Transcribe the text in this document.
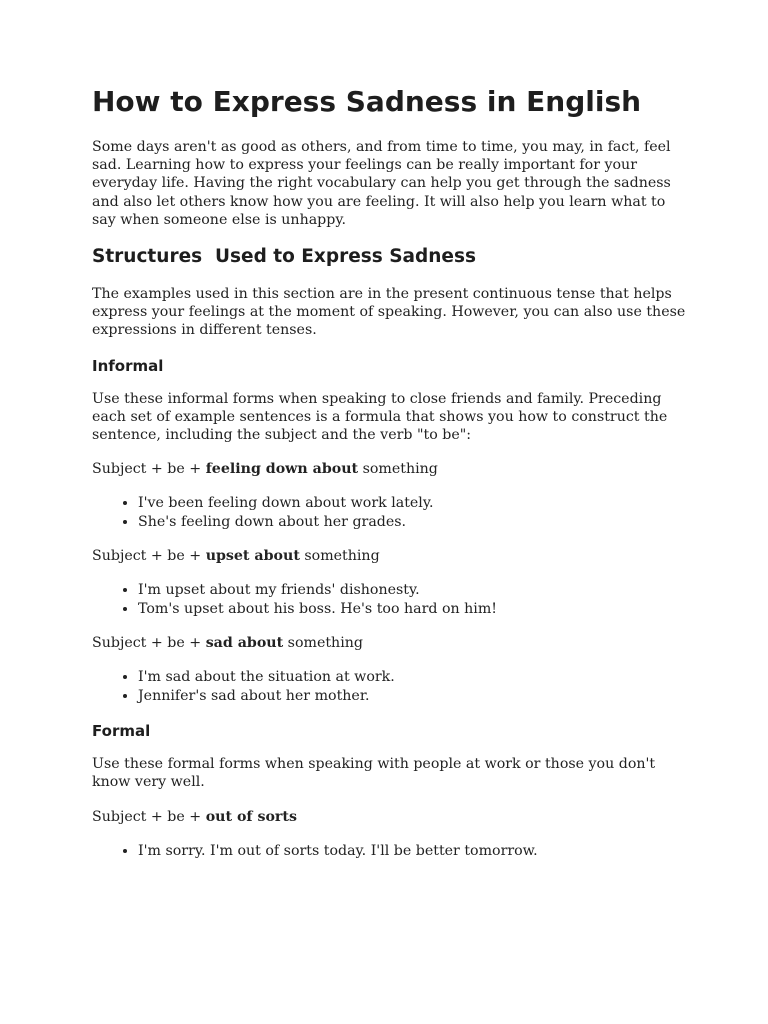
How to Express Sadness in English

Some days aren't as good as others, and from time to time, you may, in fact, feel sad. Learning how to express your feelings can be really important for your everyday life. Having the right vocabulary can help you get through the sadness and also let others know how you are feeling. It will also help you learn what to say when someone else is unhappy.

Structures  Used to Express Sadness

The examples used in this section are in the present continuous tense that helps express your feelings at the moment of speaking. However, you can also use these expressions in different tenses.

Informal

Use these informal forms when speaking to close friends and family. Preceding each set of example sentences is a formula that shows you how to construct the sentence, including the subject and the verb "to be":

Subject + be + feeling down about something
• I've been feeling down about work lately.
• She's feeling down about her grades.
Subject + be + upset about something
• I'm upset about my friends' dishonesty.
• Tom's upset about his boss. He's too hard on him!
Subject + be + sad about something
• I'm sad about the situation at work.
• Jennifer's sad about her mother.
Formal

Use these formal forms when speaking with people at work or those you don't know very well.

Subject + be + out of sorts
• I'm sorry. I'm out of sorts today. I'll be better tomorrow.
